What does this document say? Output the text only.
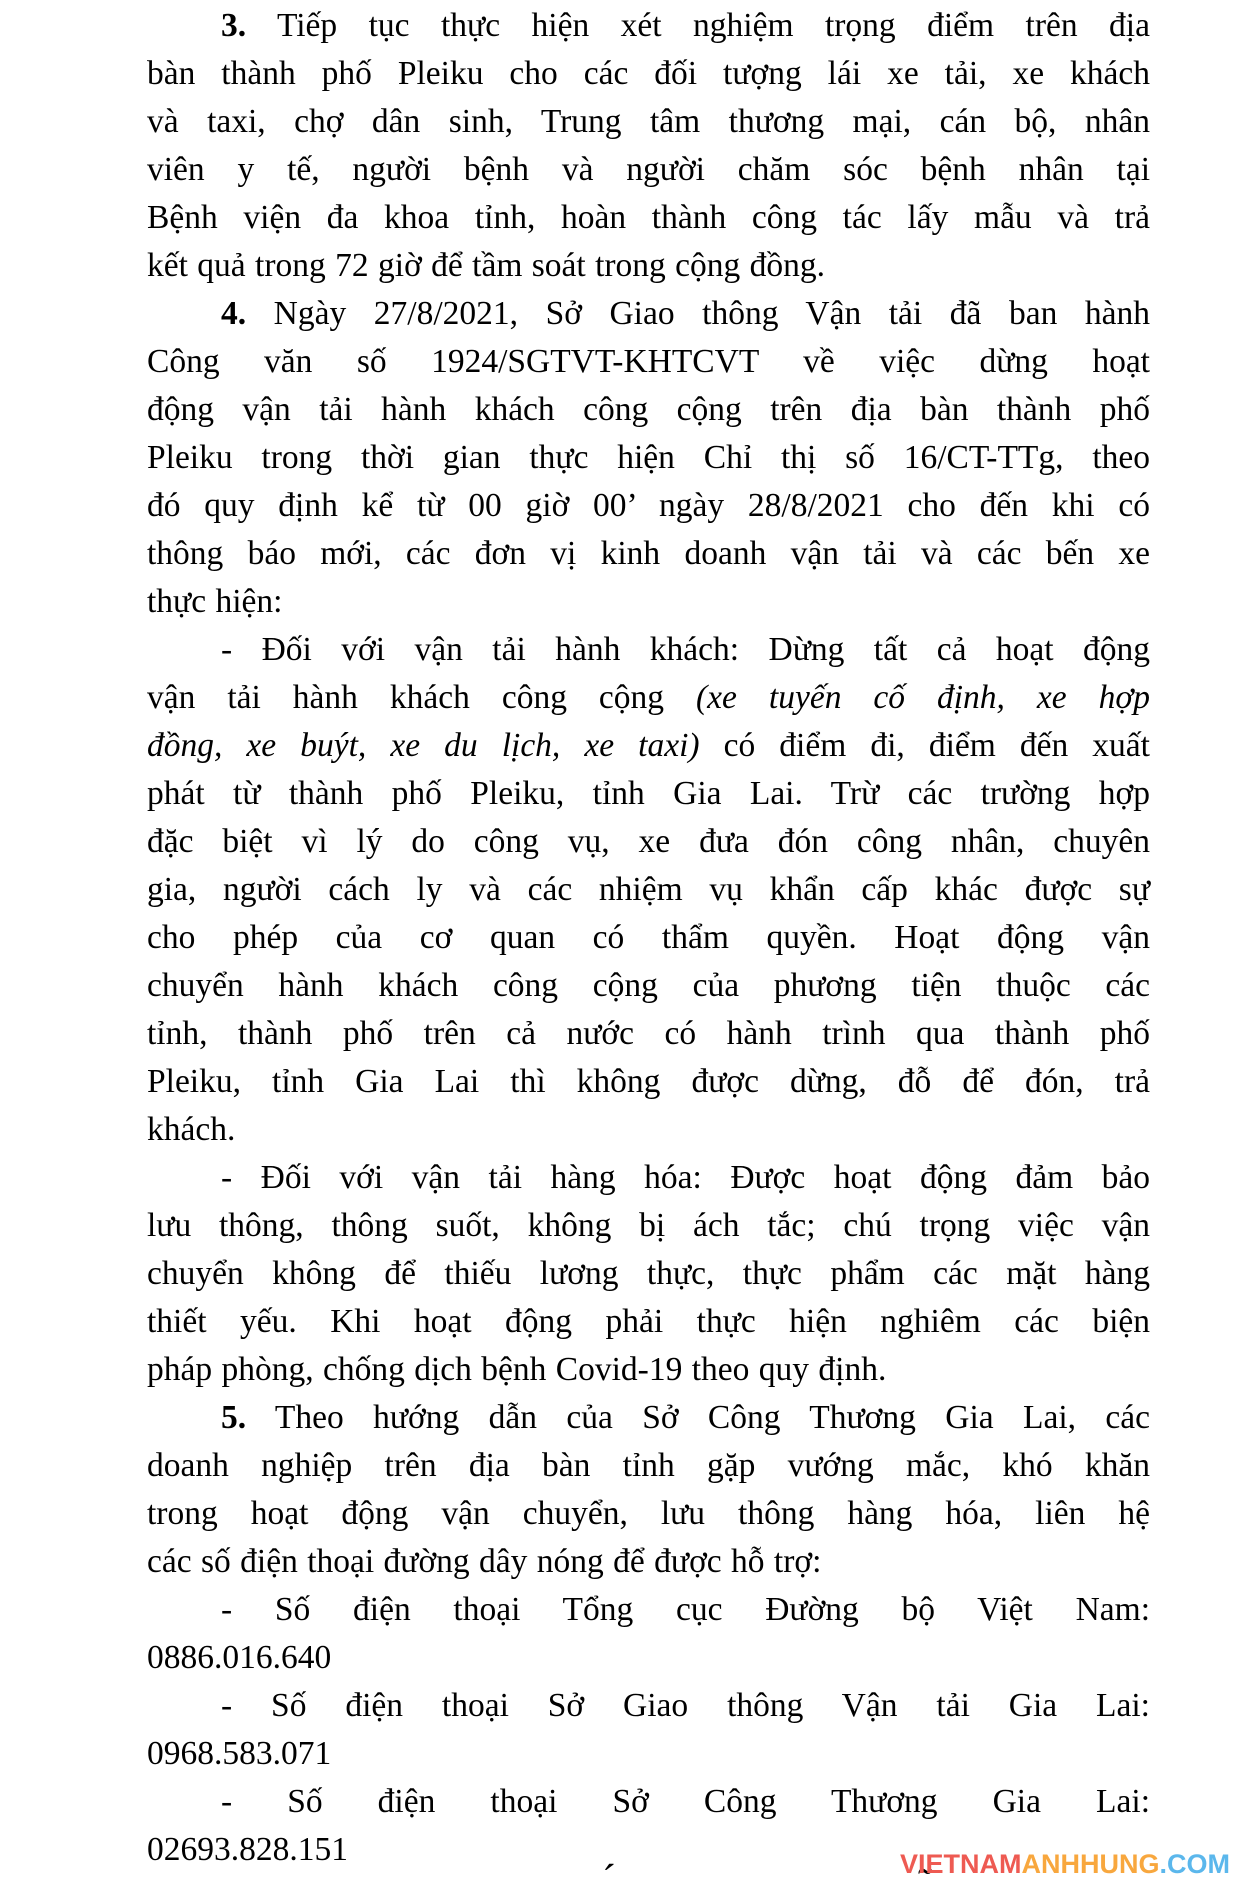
3. Tiếp tục thực hiện xét nghiệm trọng điểm trên địa
bàn thành phố Pleiku cho các đối tượng lái xe tải, xe khách
và taxi, chợ dân sinh, Trung tâm thương mại, cán bộ, nhân
viên y tế, người bệnh và người chăm sóc bệnh nhân tại
Bệnh viện đa khoa tỉnh, hoàn thành công tác lấy mẫu và trả
kết quả trong 72 giờ để tầm soát trong cộng đồng.
4. Ngày 27/8/2021, Sở Giao thông Vận tải đã ban hành
Công văn số 1924/SGTVT-KHTCVT về việc dừng hoạt
động vận tải hành khách công cộng trên địa bàn thành phố
Pleiku trong thời gian thực hiện Chỉ thị số 16/CT-TTg, theo
đó quy định kể từ 00 giờ 00’ ngày 28/8/2021 cho đến khi có
thông báo mới, các đơn vị kinh doanh vận tải và các bến xe
thực hiện:
- Đối với vận tải hành khách: Dừng tất cả hoạt động
vận tải hành khách công cộng (xe tuyến cố định, xe hợp
đồng, xe buýt, xe du lịch, xe taxi) có điểm đi, điểm đến xuất
phát từ thành phố Pleiku, tỉnh Gia Lai. Trừ các trường hợp
đặc biệt vì lý do công vụ, xe đưa đón công nhân, chuyên
gia, người cách ly và các nhiệm vụ khẩn cấp khác được sự
cho phép của cơ quan có thẩm quyền. Hoạt động vận
chuyển hành khách công cộng của phương tiện thuộc các
tỉnh, thành phố trên cả nước có hành trình qua thành phố
Pleiku, tỉnh Gia Lai thì không được dừng, đỗ để đón, trả
khách.
- Đối với vận tải hàng hóa: Được hoạt động đảm bảo
lưu thông, thông suốt, không bị ách tắc; chú trọng việc vận
chuyển không để thiếu lương thực, thực phẩm các mặt hàng
thiết yếu. Khi hoạt động phải thực hiện nghiêm các biện
pháp phòng, chống dịch bệnh Covid-19 theo quy định.
5. Theo hướng dẫn của Sở Công Thương Gia Lai, các
doanh nghiệp trên địa bàn tỉnh gặp vướng mắc, khó khăn
trong hoạt động vận chuyển, lưu thông hàng hóa, liên hệ
các số điện thoại đường dây nóng để được hỗ trợ:
- Số điện thoại Tổng cục Đường bộ Việt Nam:
0886.016.640
- Số điện thoại Sở Giao thông Vận tải Gia Lai:
0968.583.071
- Số điện thoại Sở Công Thương Gia Lai:
02693.828.151
´	VIETNAMANHHUNG.COM
